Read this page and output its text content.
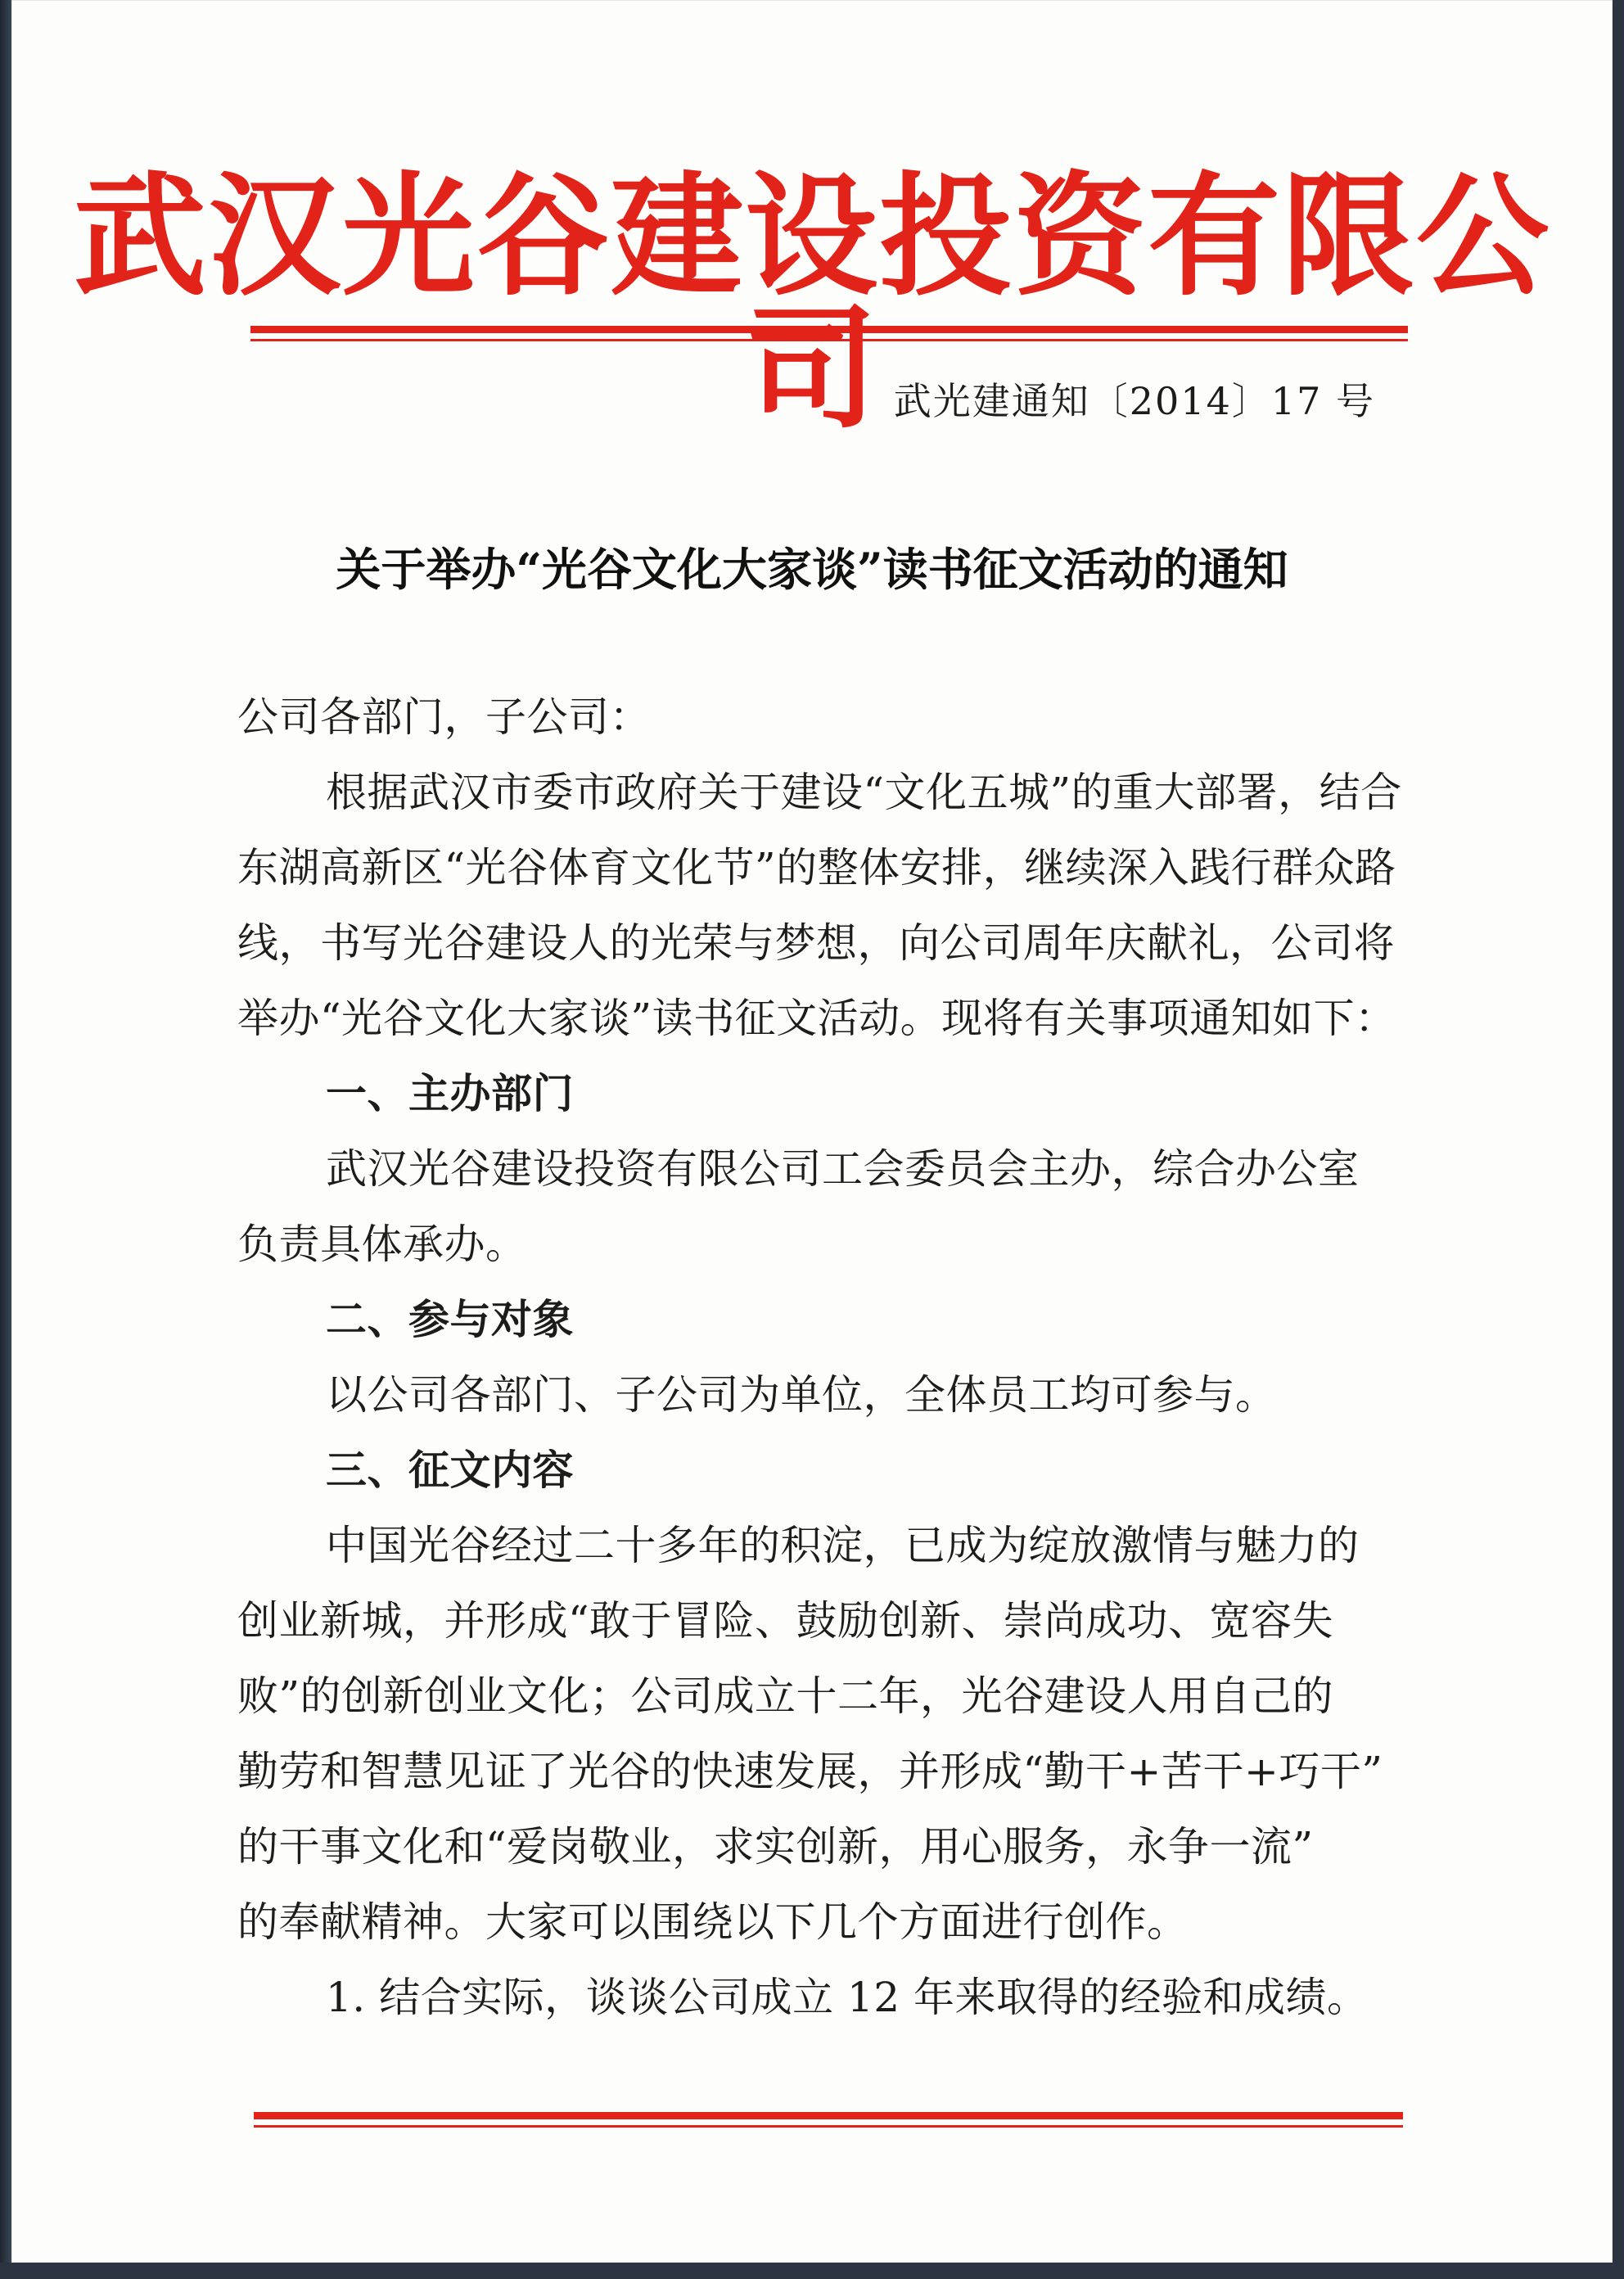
武汉光谷建设投资有限公司 武光建通知〔2014〕17 号
关于举办“光谷文化大家谈”读书征文活动的通知
公司各部门，子公司：
根据武汉市委市政府关于建设“文化五城”的重大部署，结合
东湖高新区“光谷体育文化节”的整体安排，继续深入践行群众路
线，书写光谷建设人的光荣与梦想，向公司周年庆献礼，公司将
举办“光谷文化大家谈”读书征文活动。现将有关事项通知如下：
一、主办部门
武汉光谷建设投资有限公司工会委员会主办，综合办公室
负责具体承办。
二、参与对象
以公司各部门、子公司为单位，全体员工均可参与。
三、征文内容
中国光谷经过二十多年的积淀，已成为绽放激情与魅力的
创业新城，并形成“敢于冒险、鼓励创新、崇尚成功、宽容失
败”的创新创业文化；公司成立十二年，光谷建设人用自己的
勤劳和智慧见证了光谷的快速发展，并形成“勤干+苦干+巧干”
的干事文化和“爱岗敬业，求实创新，用心服务，永争一流”
的奉献精神。大家可以围绕以下几个方面进行创作。
1. 结合实际，谈谈公司成立 12 年来取得的经验和成绩。
